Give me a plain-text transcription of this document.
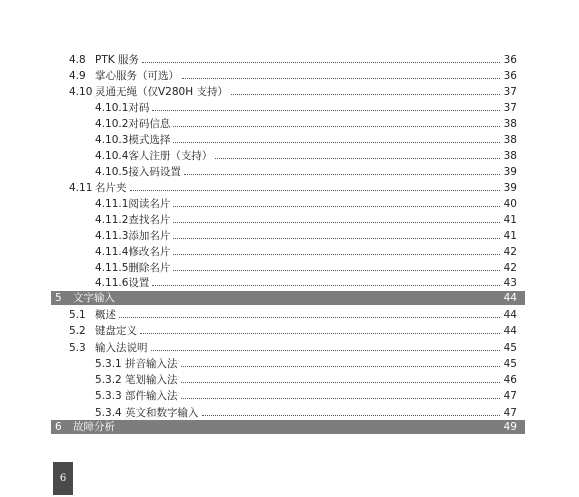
4.8 PTK 服务	36
4.9 掌心服务（可选）	36
4.10 灵通无绳（仅V280H 支持）	37
4.10.1 对码	37
4.10.2 对码信息	38
4.10.3 模式选择	38
4.10.4 客人注册（支持）	38
4.10.5 接入码设置	39
4.11 名片夹	39
4.11.1 阅读名片	40
4.11.2 查找名片	41
4.11.3 添加名片	41
4.11.4 修改名片	42
4.11.5 删除名片	42
4.11.6 设置	43
5	文字输入	44
5.1 概述	44
5.2 键盘定义	44
5.3 输入法说明	45
5.3.1 拼音输入法	45
5.3.2 笔划输入法	46
5.3.3 部件输入法	47
5.3.4 英文和数字输入	47
6	故障分析	49
6
